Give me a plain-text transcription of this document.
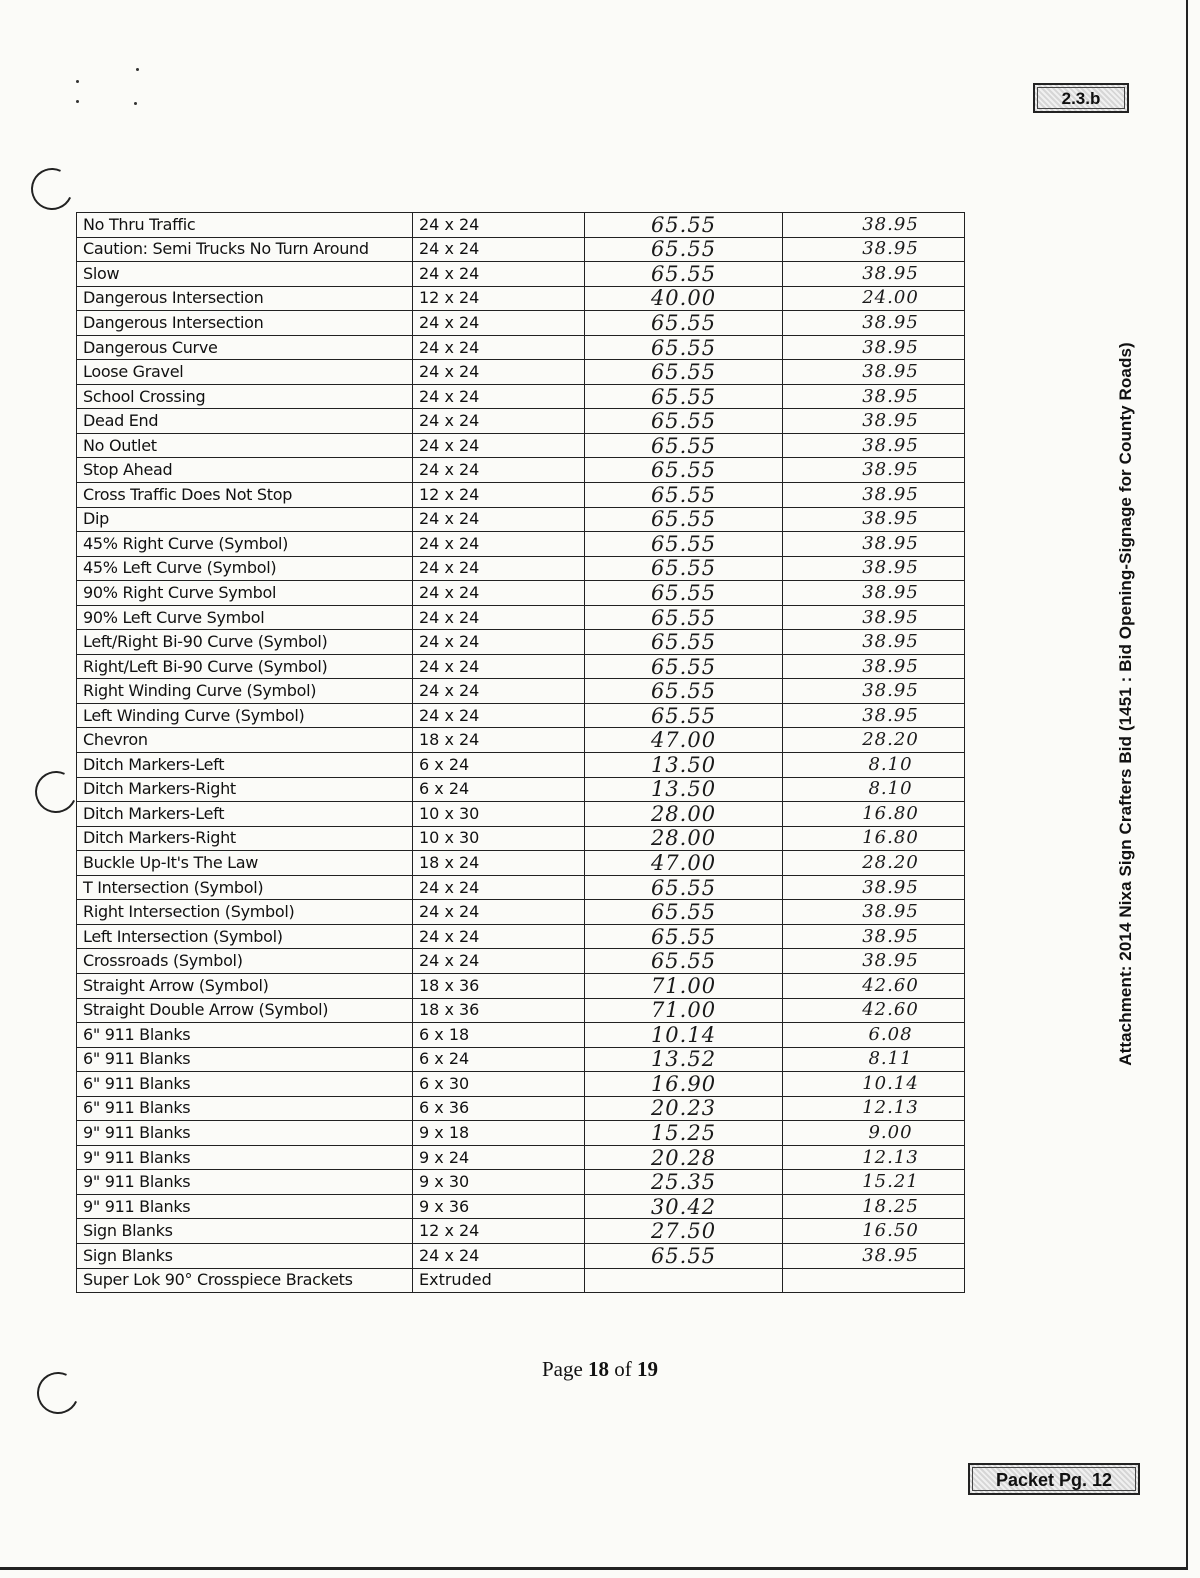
2.3.b
Attachment: 2014 Nixa Sign Crafters Bid (1451 : Bid Opening-Signage for County Roads)
No Thru Traffic	24 x 24	65.55	38.95
Caution: Semi Trucks No Turn Around	24 x 24	65.55	38.95
Slow	24 x 24	65.55	38.95
Dangerous Intersection	12 x 24	40.00	24.00
Dangerous Intersection	24 x 24	65.55	38.95
Dangerous Curve	24 x 24	65.55	38.95
Loose Gravel	24 x 24	65.55	38.95
School Crossing	24 x 24	65.55	38.95
Dead End	24 x 24	65.55	38.95
No Outlet	24 x 24	65.55	38.95
Stop Ahead	24 x 24	65.55	38.95
Cross Traffic Does Not Stop	12 x 24	65.55	38.95
Dip	24 x 24	65.55	38.95
45% Right Curve (Symbol)	24 x 24	65.55	38.95
45% Left Curve (Symbol)	24 x 24	65.55	38.95
90% Right Curve Symbol	24 x 24	65.55	38.95
90% Left Curve Symbol	24 x 24	65.55	38.95
Left/Right Bi-90 Curve (Symbol)	24 x 24	65.55	38.95
Right/Left Bi-90 Curve (Symbol)	24 x 24	65.55	38.95
Right Winding Curve (Symbol)	24 x 24	65.55	38.95
Left Winding Curve (Symbol)	24 x 24	65.55	38.95
Chevron	18 x 24	47.00	28.20
Ditch Markers-Left	6 x 24	13.50	8.10
Ditch Markers-Right	6 x 24	13.50	8.10
Ditch Markers-Left	10 x 30	28.00	16.80
Ditch Markers-Right	10 x 30	28.00	16.80
Buckle Up-It's The Law	18 x 24	47.00	28.20
T Intersection (Symbol)	24 x 24	65.55	38.95
Right Intersection (Symbol)	24 x 24	65.55	38.95
Left Intersection (Symbol)	24 x 24	65.55	38.95
Crossroads (Symbol)	24 x 24	65.55	38.95
Straight Arrow (Symbol)	18 x 36	71.00	42.60
Straight Double Arrow (Symbol)	18 x 36	71.00	42.60
6" 911 Blanks	6 x 18	10.14	6.08
6" 911 Blanks	6 x 24	13.52	8.11
6" 911 Blanks	6 x 30	16.90	10.14
6" 911 Blanks	6 x 36	20.23	12.13
9" 911 Blanks	9 x 18	15.25	9.00
9" 911 Blanks	9 x 24	20.28	12.13
9" 911 Blanks	9 x 30	25.35	15.21
9" 911 Blanks	9 x 36	30.42	18.25
Sign Blanks	12 x 24	27.50	16.50
Sign Blanks	24 x 24	65.55	38.95
Super Lok 90° Crosspiece Brackets	Extruded		
Page 18 of 19
Packet Pg. 12
